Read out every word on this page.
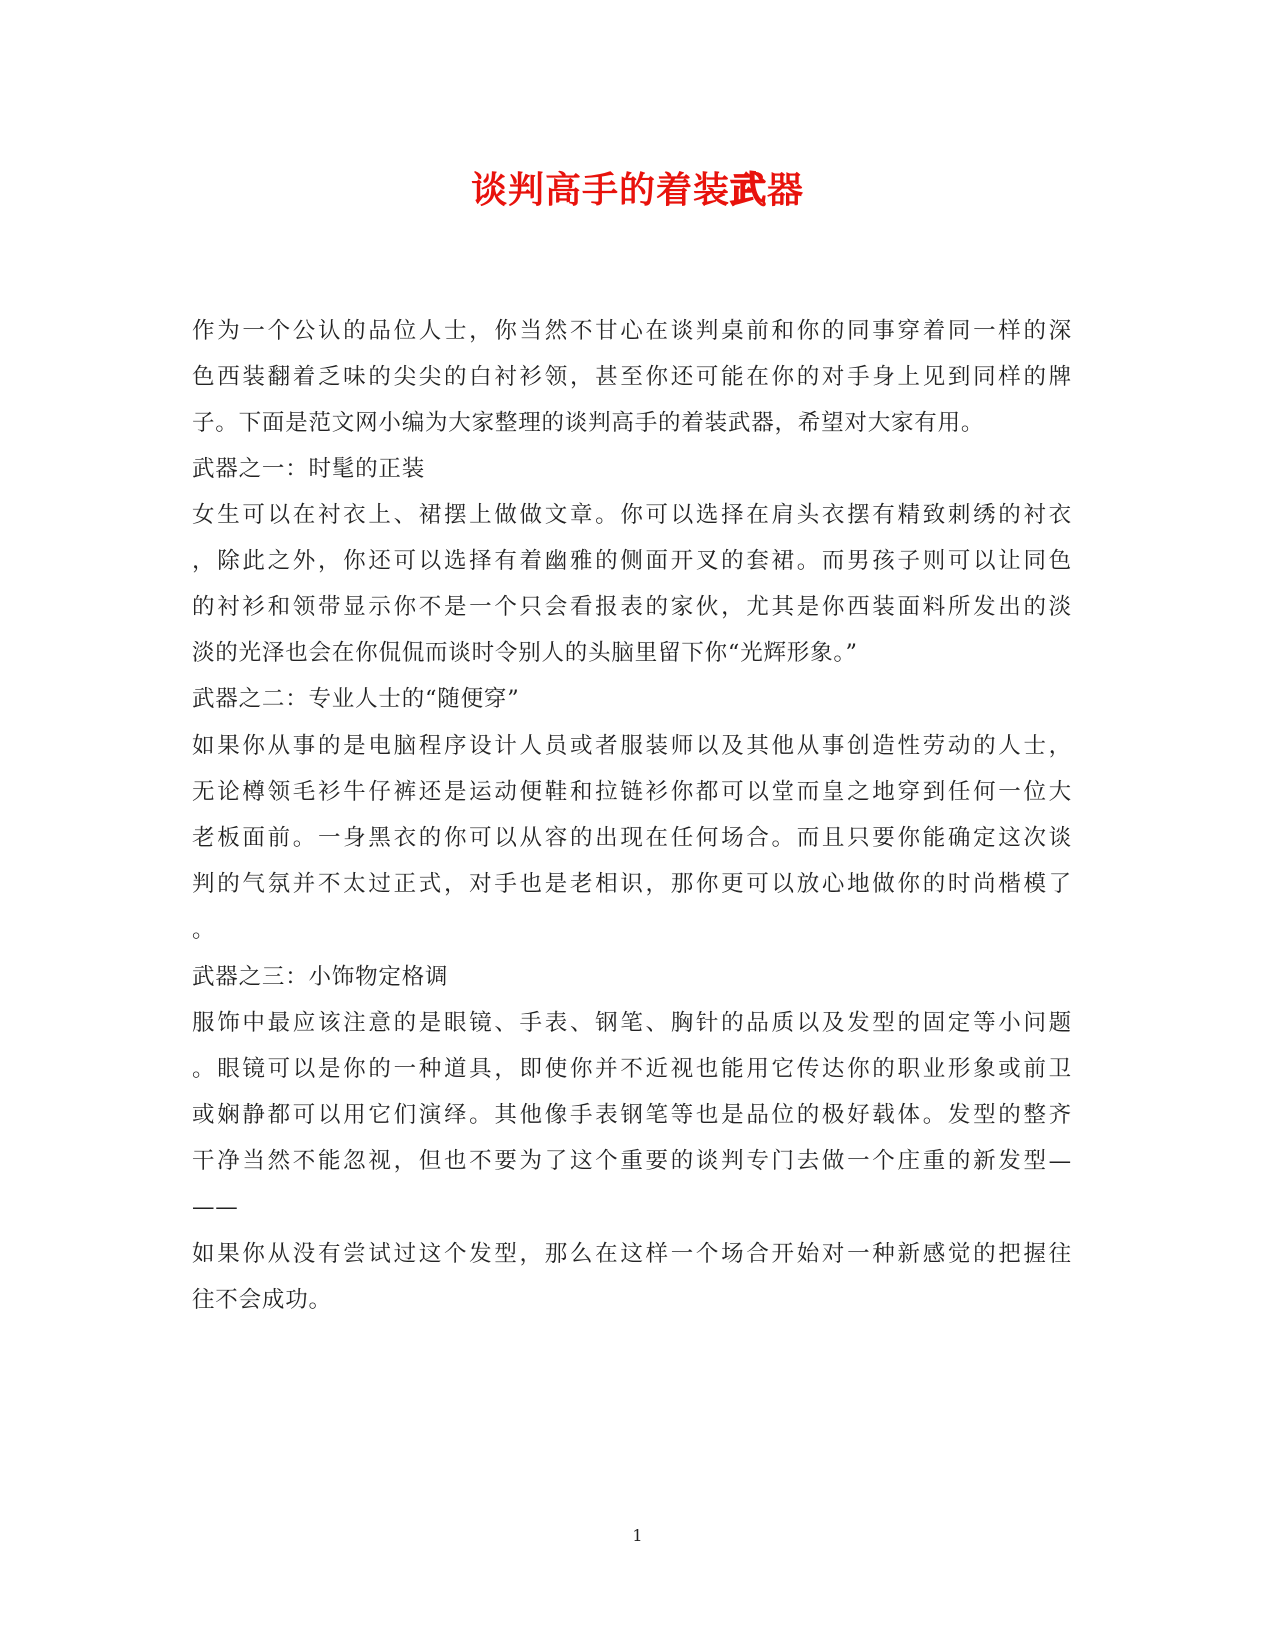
谈判高手的着装武器
作为一个公认的品位人士，你当然不甘心在谈判桌前和你的同事穿着同一样的深
色西装翻着乏味的尖尖的白衬衫领，甚至你还可能在你的对手身上见到同样的牌
子。下面是范文网小编为大家整理的谈判高手的着装武器，希望对大家有用。
武器之一：时髦的正装
女生可以在衬衣上、裙摆上做做文章。你可以选择在肩头衣摆有精致刺绣的衬衣
，除此之外，你还可以选择有着幽雅的侧面开叉的套裙。而男孩子则可以让同色
的衬衫和领带显示你不是一个只会看报表的家伙，尤其是你西装面料所发出的淡
淡的光泽也会在你侃侃而谈时令别人的头脑里留下你“光辉形象。”
武器之二：专业人士的“随便穿”
如果你从事的是电脑程序设计人员或者服装师以及其他从事创造性劳动的人士，
无论樽领毛衫牛仔裤还是运动便鞋和拉链衫你都可以堂而皇之地穿到任何一位大
老板面前。一身黑衣的你可以从容的出现在任何场合。而且只要你能确定这次谈
判的气氛并不太过正式，对手也是老相识，那你更可以放心地做你的时尚楷模了
。
武器之三：小饰物定格调
服饰中最应该注意的是眼镜、手表、钢笔、胸针的品质以及发型的固定等小问题
。眼镜可以是你的一种道具，即使你并不近视也能用它传达你的职业形象或前卫
或娴静都可以用它们演绎。其他像手表钢笔等也是品位的极好载体。发型的整齐
干净当然不能忽视，但也不要为了这个重要的谈判专门去做一个庄重的新发型—
——
如果你从没有尝试过这个发型，那么在这样一个场合开始对一种新感觉的把握往
往不会成功。
1
